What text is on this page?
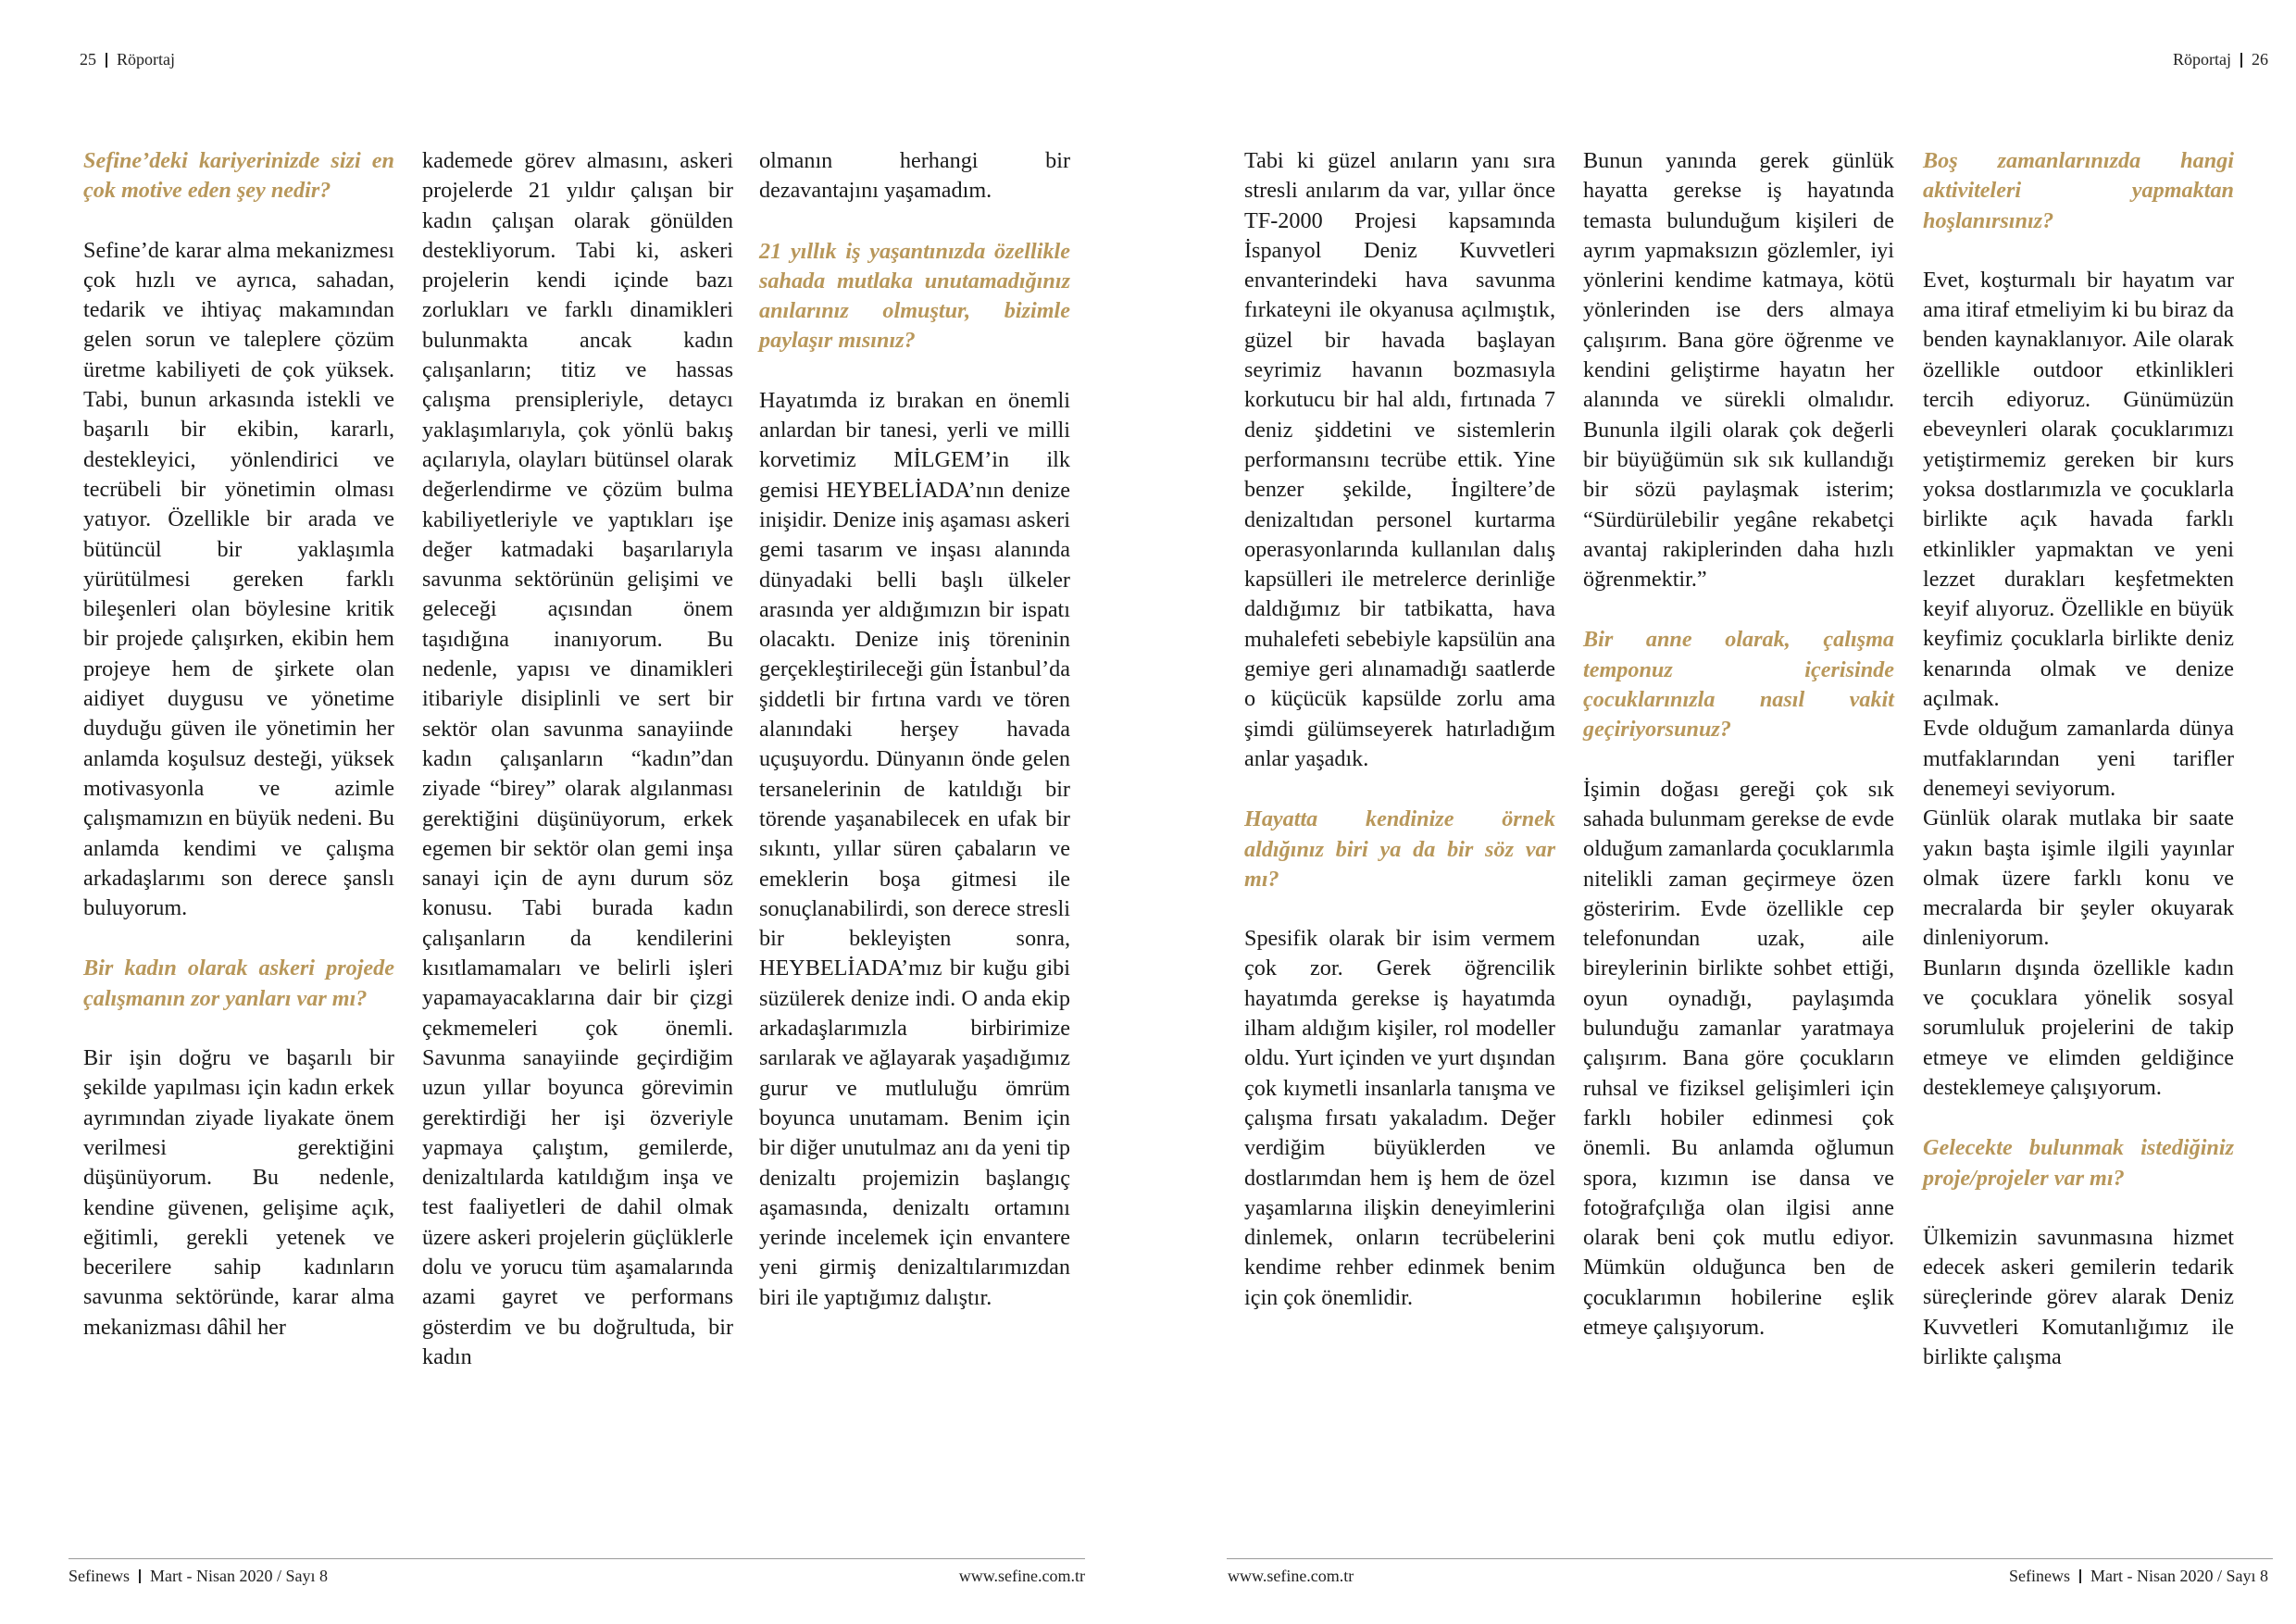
25 Röportaj

Sefine’deki kariyerinizde sizi en çok motive eden şey nedir?

Sefine’de karar alma mekanizmesı çok hızlı ve ayrıca, sahadan, tedarik ve ihtiyaç makamından gelen sorun ve taleplere çözüm üretme kabiliyeti de çok yüksek. Tabi, bunun arkasında istekli ve başarılı bir ekibin, kararlı, destekleyici, yönlendirici ve tecrübeli bir yönetimin olması yatıyor. Özellikle bir arada ve bütüncül bir yaklaşımla yürütülmesi gereken farklı bileşenleri olan böylesine kritik bir projede çalışırken, ekibin hem projeye hem de şirkete olan aidiyet duygusu ve yönetime duyduğu güven ile yönetimin her anlamda koşulsuz desteği, yüksek motivasyonla ve azimle çalışmamızın en büyük nedeni. Bu anlamda kendimi ve çalışma arkadaşlarımı son derece şanslı buluyorum.

Bir kadın olarak askeri projede çalışmanın zor yanları var mı?

Bir işin doğru ve başarılı bir şekilde yapılması için kadın erkek ayrımından ziyade liyakate önem verilmesi gerektiğini düşünüyorum. Bu nedenle, kendine güvenen, gelişime açık, eğitimli, gerekli yetenek ve becerilere sahip kadınların savunma sektöründe, karar alma mekanizması dâhil her

kademede görev almasını, askeri projelerde 21 yıldır çalışan bir kadın çalışan olarak gönülden destekliyorum. Tabi ki, askeri projelerin kendi içinde bazı zorlukları ve farklı dinamikleri bulunmakta ancak kadın çalışanların; titiz ve hassas çalışma prensipleriyle, detaycı yaklaşımlarıyla, çok yönlü bakış açılarıyla, olayları bütünsel olarak değerlendirme ve çözüm bulma kabiliyetleriyle ve yaptıkları işe değer katmadaki başarılarıyla savunma sektörünün gelişimi ve geleceği açısından önem taşıdığına inanıyorum. Bu nedenle, yapısı ve dinamikleri itibariyle disiplinli ve sert bir sektör olan savunma sanayiinde kadın çalışanların “kadın”dan ziyade “birey” olarak algılanması gerektiğini düşünüyorum, erkek egemen bir sektör olan gemi inşa sanayi için de aynı durum söz konusu. Tabi burada kadın çalışanların da kendilerini kısıtlamamaları ve belirli işleri yapamayacaklarına dair bir çizgi çekmemeleri çok önemli. Savunma sanayiinde geçirdiğim uzun yıllar boyunca görevimin gerektirdiği her işi özveriyle yapmaya çalıştım, gemilerde, denizaltılarda katıldığım inşa ve test faaliyetleri de dahil olmak üzere askeri projelerin güçlüklerle dolu ve yorucu tüm aşamalarında azami gayret ve performans gösterdim ve bu doğrultuda, bir kadın

olmanın herhangi bir dezavantajını yaşamadım.

21 yıllık iş yaşantınızda özellikle sahada mutlaka unutamadığınız anılarınız olmuştur, bizimle paylaşır mısınız?

Hayatımda iz bırakan en önemli anlardan bir tanesi, yerli ve milli korvetimiz MİLGEM’in ilk gemisi HEYBELİADA’nın denize inişidir. Denize iniş aşaması askeri gemi tasarım ve inşası alanında dünyadaki belli başlı ülkeler arasında yer aldığımızın bir ispatı olacaktı. Denize iniş töreninin gerçekleştirileceği gün İstanbul’da şiddetli bir fırtına vardı ve tören alanındaki herşey havada uçuşuyordu. Dünyanın önde gelen tersanelerinin de katıldığı bir törende yaşanabilecek en ufak bir sıkıntı, yıllar süren çabaların ve emeklerin boşa gitmesi ile sonuçlanabilirdi, son derece stresli bir bekleyişten sonra, HEYBELİADA’mız bir kuğu gibi süzülerek denize indi. O anda ekip arkadaşlarımızla birbirimize sarılarak ve ağlayarak yaşadığımız gurur ve mutluluğu ömrüm boyunca unutamam. Benim için bir diğer unutulmaz anı da yeni tip denizaltı projemizin başlangıç aşamasında, denizaltı ortamını yerinde incelemek için envantere yeni girmiş denizaltılarımızdan biri ile yaptığımız dalıştır.

Sefinews Mart - Nisan 2020 / Sayı 8	www.sefine.com.tr
Röportaj 26

Tabi ki güzel anıların yanı sıra stresli anılarım da var, yıllar önce TF-2000 Projesi kapsamında İspanyol Deniz Kuvvetleri envanterindeki hava savunma fırkateyni ile okyanusa açılmıştık, güzel bir havada başlayan seyrimiz havanın bozmasıyla korkutucu bir hal aldı, fırtınada 7 deniz şiddetini ve sistemlerin performansını tecrübe ettik. Yine benzer şekilde, İngiltere’de denizaltıdan personel kurtarma operasyonlarında kullanılan dalış kapsülleri ile metrelerce derinliğe daldığımız bir tatbikatta, hava muhalefeti sebebiyle kapsülün ana gemiye geri alınamadığı saatlerde o küçücük kapsülde zorlu ama şimdi gülümseyerek hatırladığım anlar yaşadık.

Hayatta kendinize örnek aldığınız biri ya da bir söz var mı?

Spesifik olarak bir isim vermem çok zor. Gerek öğrencilik hayatımda gerekse iş hayatımda ilham aldığım kişiler, rol modeller oldu. Yurt içinden ve yurt dışından çok kıymetli insanlarla tanışma ve çalışma fırsatı yakaladım. Değer verdiğim büyüklerden ve dostlarımdan hem iş hem de özel yaşamlarına ilişkin deneyimlerini dinlemek, onların tecrübelerini kendime rehber edinmek benim için çok önemlidir.

Bunun yanında gerek günlük hayatta gerekse iş hayatında temasta bulunduğum kişileri de ayrım yapmaksızın gözlemler, iyi yönlerini kendime katmaya, kötü yönlerinden ise ders almaya çalışırım. Bana göre öğrenme ve kendini geliştirme hayatın her alanında ve sürekli olmalıdır. Bununla ilgili olarak çok değerli bir büyüğümün sık sık kullandığı bir sözü paylaşmak isterim; “Sürdürülebilir yegâne rekabetçi avantaj rakiplerinden daha hızlı öğrenmektir.”

Bir anne olarak, çalışma temponuz içerisinde çocuklarınızla nasıl vakit geçiriyorsunuz?

İşimin doğası gereği çok sık sahada bulunmam gerekse de evde olduğum zamanlarda çocuklarımla nitelikli zaman geçirmeye özen gösteririm. Evde özellikle cep telefonundan uzak, aile bireylerinin birlikte sohbet ettiği, oyun oynadığı, paylaşımda bulunduğu zamanlar yaratmaya çalışırım. Bana göre çocukların ruhsal ve fiziksel gelişimleri için farklı hobiler edinmesi çok önemli. Bu anlamda oğlumun spora, kızımın ise dansa ve fotoğrafçılığa olan ilgisi anne olarak beni çok mutlu ediyor. Mümkün olduğunca ben de çocuklarımın hobilerine eşlik etmeye çalışıyorum.

Boş zamanlarınızda hangi aktiviteleri yapmaktan hoşlanırsınız?

Evet, koşturmalı bir hayatım var ama itiraf etmeliyim ki bu biraz da benden kaynaklanıyor. Aile olarak özellikle outdoor etkinlikleri tercih ediyoruz. Günümüzün ebeveynleri olarak çocuklarımızı yetiştirmemiz gereken bir kurs yoksa dostlarımızla ve çocuklarla birlikte açık havada farklı etkinlikler yapmaktan ve yeni lezzet durakları keşfetmekten keyif alıyoruz. Özellikle en büyük keyfimiz çocuklarla birlikte deniz kenarında olmak ve denize açılmak.

Evde olduğum zamanlarda dünya mutfaklarından yeni tarifler denemeyi seviyorum.

Günlük olarak mutlaka bir saate yakın başta işimle ilgili yayınlar olmak üzere farklı konu ve mecralarda bir şeyler okuyarak dinleniyorum.

Bunların dışında özellikle kadın ve çocuklara yönelik sosyal sorumluluk projelerini de takip etmeye ve elimden geldiğince desteklemeye çalışıyorum.

Gelecekte bulunmak istediğiniz proje/projeler var mı?

Ülkemizin savunmasına hizmet edecek askeri gemilerin tedarik süreçlerinde görev alarak Deniz Kuvvetleri Komutanlığımız ile birlikte çalışma

www.sefine.com.tr	Sefinews Mart - Nisan 2020 / Sayı 8
